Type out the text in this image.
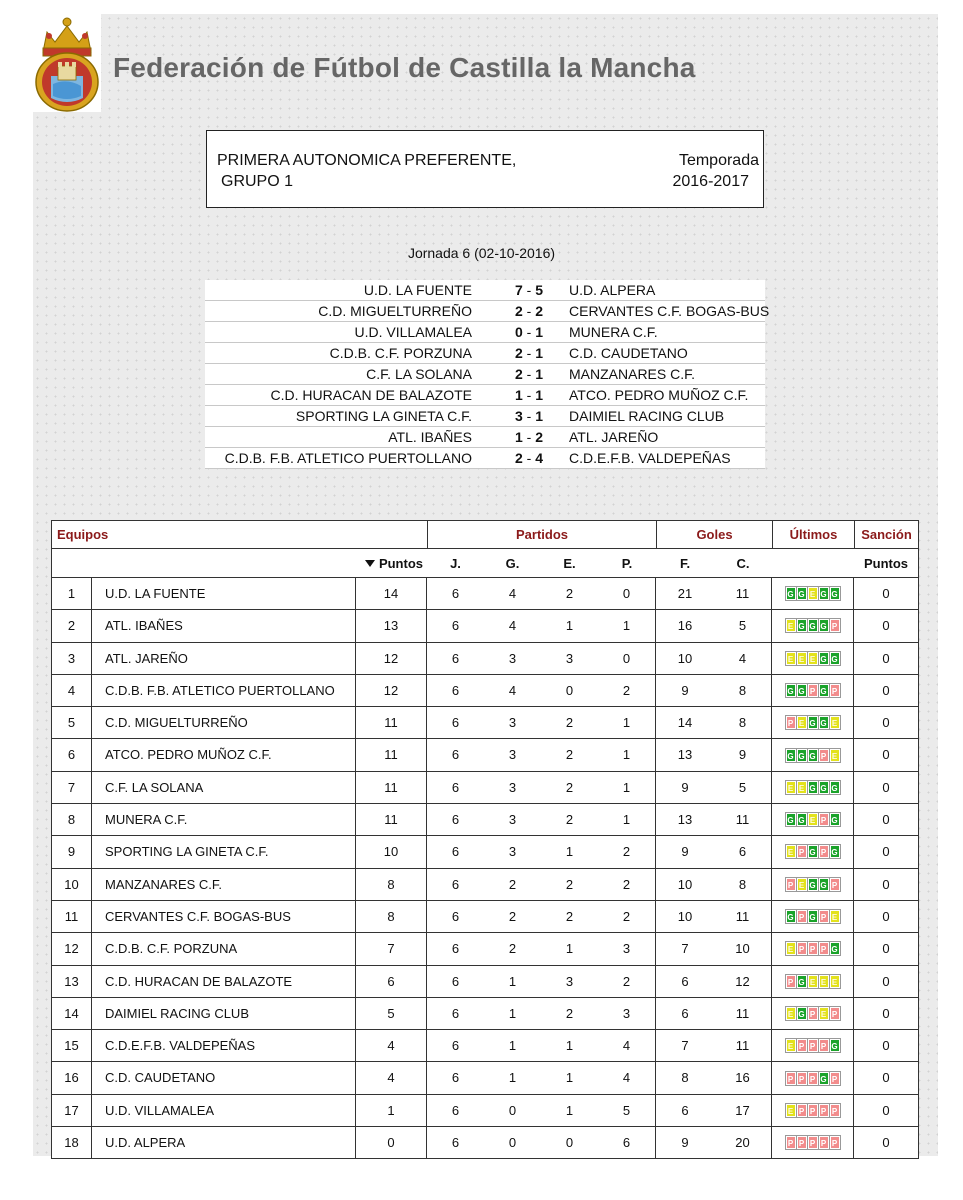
Federación de Fútbol de Castilla la Mancha
PRIMERA AUTONOMICA PREFERENTE,
GRUPO 1
Temporada
2016-2017
Jornada 6 (02-10-2016)
U.D. LA FUENTE	7 - 5	U.D. ALPERA
C.D. MIGUELTURREÑO	2 - 2	CERVANTES C.F. BOGAS-BUS
U.D. VILLAMALEA	0 - 1	MUNERA C.F.
C.D.B. C.F. PORZUNA	2 - 1	C.D. CAUDETANO
C.F. LA SOLANA	2 - 1	MANZANARES C.F.
C.D. HURACAN DE BALAZOTE	1 - 1	ATCO. PEDRO MUÑOZ C.F.
SPORTING LA GINETA C.F.	3 - 1	DAIMIEL RACING CLUB
ATL. IBAÑES	1 - 2	ATL. JAREÑO
C.D.B. F.B. ATLETICO PUERTOLLANO	2 - 4	C.D.E.F.B. VALDEPEÑAS
Equipos	Partidos	Goles	Últimos	Sanción
Puntos	J.	G.	E.	P.	F.	C.	Puntos
1	U.D. LA FUENTE	14	6	4	2	0	21	11	G G E G G	0
2	ATL. IBAÑES	13	6	4	1	1	16	5	E G G G P	0
3	ATL. JAREÑO	12	6	3	3	0	10	4	E E E G G	0
4	C.D.B. F.B. ATLETICO PUERTOLLANO	12	6	4	0	2	9	8	G G P G P	0
5	C.D. MIGUELTURREÑO	11	6	3	2	1	14	8	P E G G E	0
6	ATCO. PEDRO MUÑOZ C.F.	11	6	3	2	1	13	9	G G G P E	0
7	C.F. LA SOLANA	11	6	3	2	1	9	5	E E G G G	0
8	MUNERA C.F.	11	6	3	2	1	13	11	G G E P G	0
9	SPORTING LA GINETA C.F.	10	6	3	1	2	9	6	E P G P G	0
10	MANZANARES C.F.	8	6	2	2	2	10	8	P E G G P	0
11	CERVANTES C.F. BOGAS-BUS	8	6	2	2	2	10	11	G P G P E	0
12	C.D.B. C.F. PORZUNA	7	6	2	1	3	7	10	E P P P G	0
13	C.D. HURACAN DE BALAZOTE	6	6	1	3	2	6	12	P G E E E	0
14	DAIMIEL RACING CLUB	5	6	1	2	3	6	11	E G P E P	0
15	C.D.E.F.B. VALDEPEÑAS	4	6	1	1	4	7	11	E P P P G	0
16	C.D. CAUDETANO	4	6	1	1	4	8	16	P P P G P	0
17	U.D. VILLAMALEA	1	6	0	1	5	6	17	E P P P P	0
18	U.D. ALPERA	0	6	0	0	6	9	20	P P P P P	0
